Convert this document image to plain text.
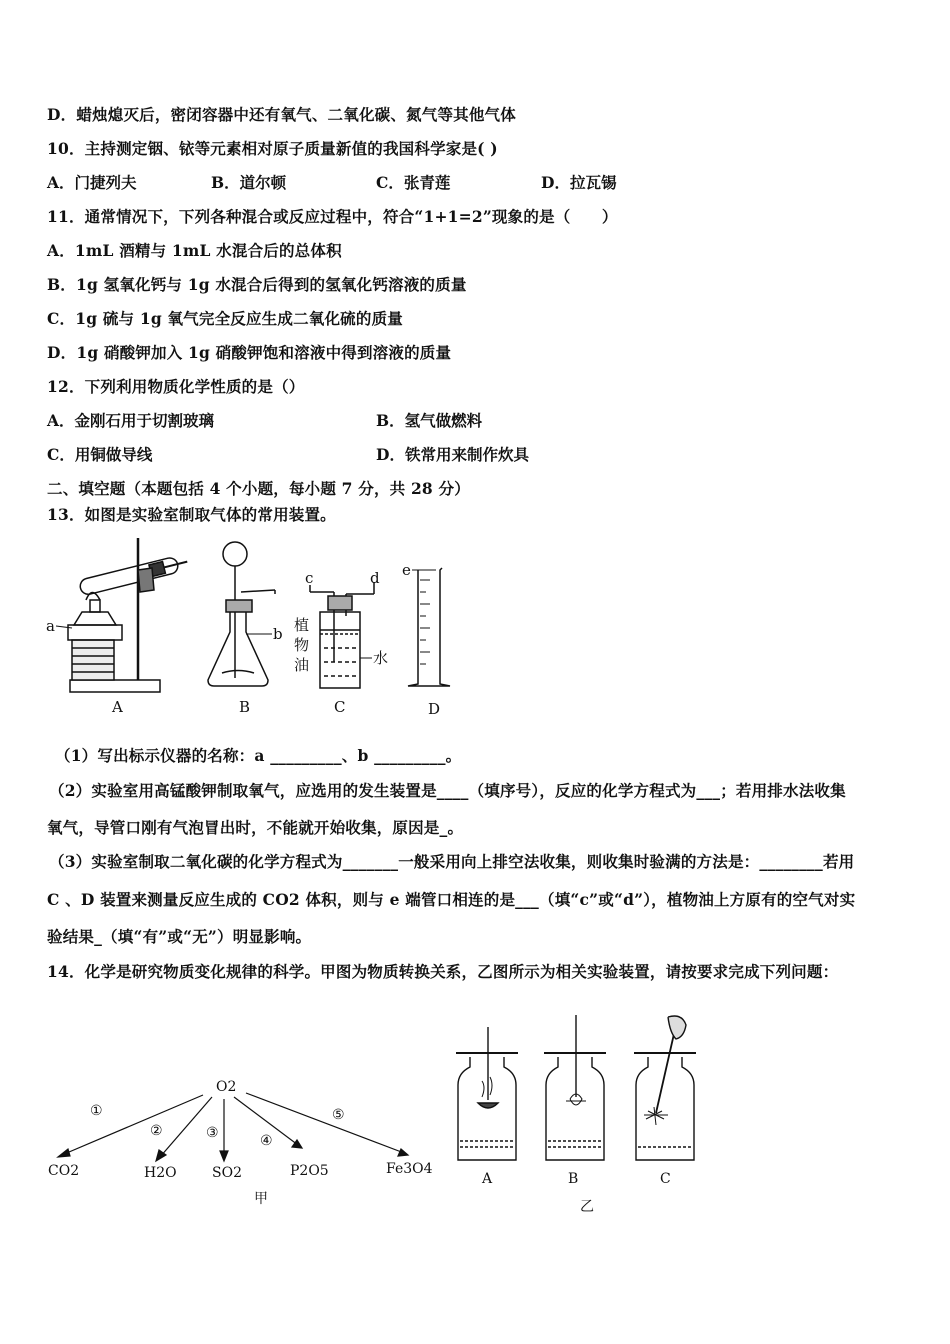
D．蜡烛熄灭后，密闭容器中还有氧气、二氧化碳、氮气等其他气体
10．主持测定铟、铱等元素相对原子质量新值的我国科学家是( )
A．门捷列夫	B．道尔顿	C．张青莲	D．拉瓦锡
11．通常情况下，下列各种混合或反应过程中，符合“1+1=2”现象的是（　　）
A．1mL 酒精与 1mL 水混合后的总体积
B．1g 氢氧化钙与 1g 水混合后得到的氢氧化钙溶液的质量
C．1g 硫与 1g 氧气完全反应生成二氧化硫的质量
D．1g 硝酸钾加入 1g 硝酸钾饱和溶液中得到溶液的质量
12．下列利用物质化学性质的是（）
A．金刚石用于切割玻璃	B．氢气做燃料
C．用铜做导线	D．铁常用来制作炊具
二、填空题（本题包括 4 个小题，每小题 7 分，共 28 分）
13．如图是实验室制取气体的常用装置。
a	b
c	d e
植
物
油	水
A	B	C	D
（1）写出标示仪器的名称：a _________、b _________。
（2）实验室用高锰酸钾制取氧气，应选用的发生装置是____（填序号），反应的化学方程式为___；若用排水法收集
氧气，导管口刚有气泡冒出时，不能就开始收集，原因是_。
（3）实验室制取二氧化碳的化学方程式为_______一般采用向上排空法收集，则收集时验满的方法是：________若用
C 、D 装置来测量反应生成的 CO2 体积，则与 e 端管口相连的是___（填“c”或“d”），植物油上方原有的空气对实
验结果_（填“有”或“无”）明显影响。
14．化学是研究物质变化规律的科学。甲图为物质转换关系，乙图所示为相关实验装置，请按要求完成下列问题：
O2
CO2	H2O	SO2	P2O5	Fe3O4
①
②	③	④
⑤
甲
A	B	C
乙
